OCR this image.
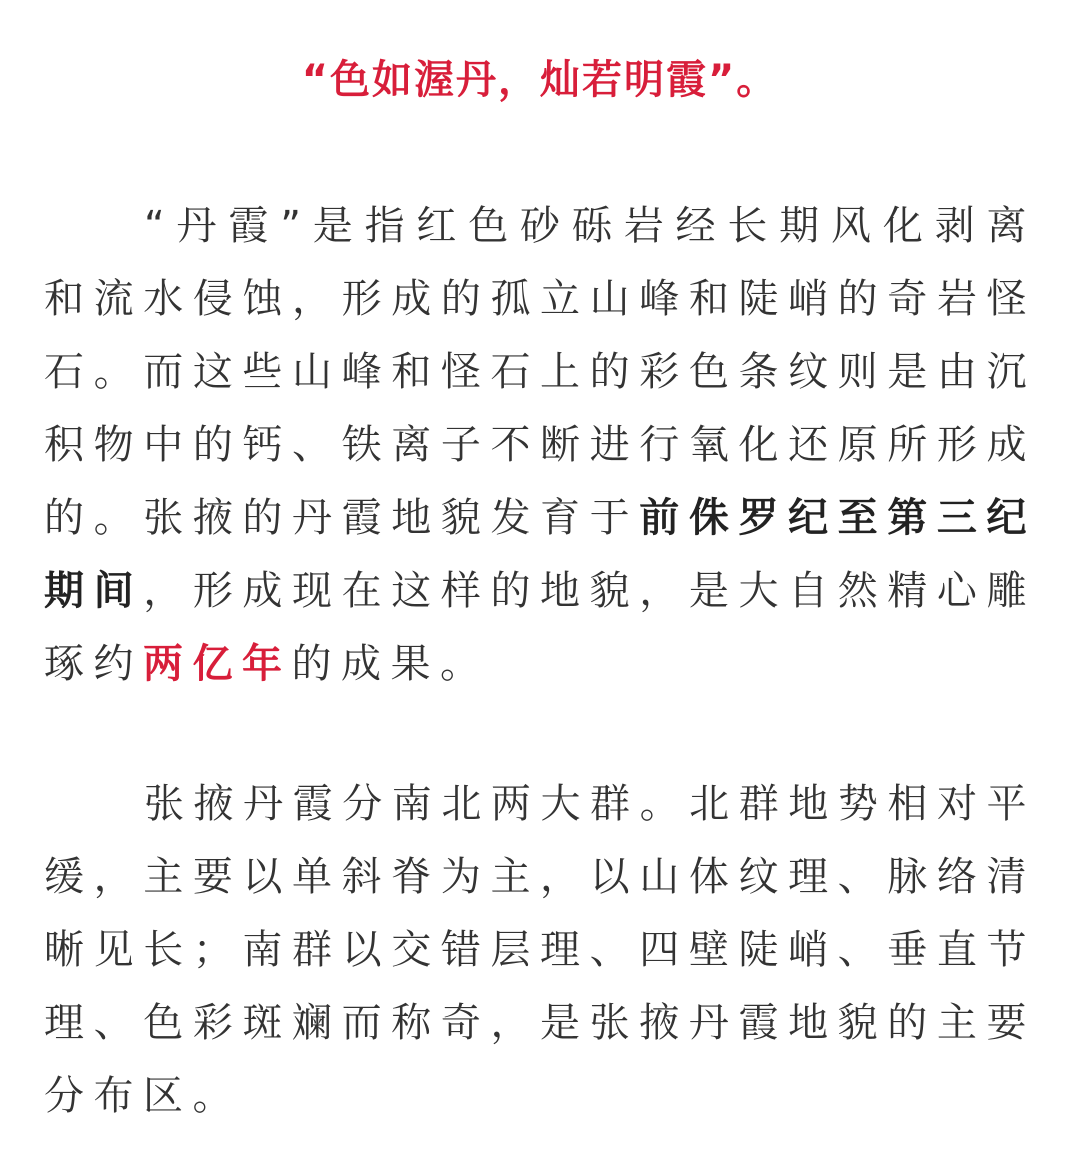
“色如渥丹，灿若明霞”。

“丹霞”是指红色砂砾岩经长期风化剥离和流水侵蚀，形成的孤立山峰和陡峭的奇岩怪石。而这些山峰和怪石上的彩色条纹则是由沉积物中的钙、铁离子不断进行氧化还原所形成的。张掖的丹霞地貌发育于前侏罗纪至第三纪期间，形成现在这样的地貌，是大自然精心雕琢约两亿年的成果。

张掖丹霞分南北两大群。北群地势相对平缓，主要以单斜脊为主，以山体纹理、脉络清晰见长；南群以交错层理、四壁陡峭、垂直节理、色彩斑斓而称奇，是张掖丹霞地貌的主要分布区。
